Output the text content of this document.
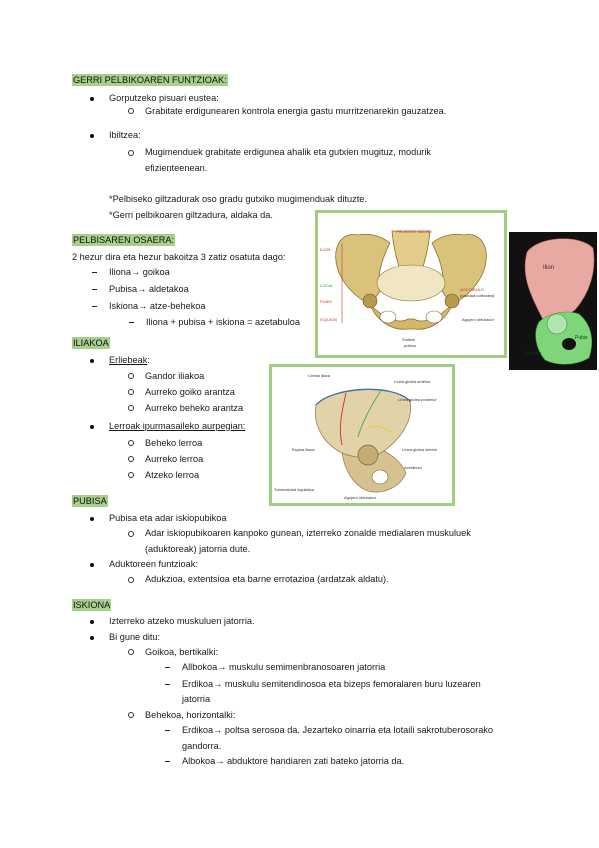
GERRI PELBIKOAREN FUNTZIOAK:
Gorputzeko pisuari eustea:
Grabitate erdigunearen kontrola energia gastu murritzenarekin gauzatzea.
Ibiltzea:
Mugimenduek grabitate erdigunea ahalik eta gutxien mugituz, modurik
efizienteenean.
*Pelbiseko giltzadurak oso gradu gutxiko mugimenduak dituzte.
*Gerri pelbikoaren giltzadura, aldaka da.
PELBISAREN OSAERA:
2 hezur dira eta hezur bakoitza 3 zatiz osatuta dago:
Iliona→ goikoa
Pubisa→ aldetakoa
Iskiona→ atze-behekoa
Iliona + pubisa + iskiona = azetabuloa
ILIAKOA
Erliebeak:
Gandor iliakoa
Aurreko goiko arantza
Aurreko beheko arantza
Lerroak ipurmasaileko aurpegian:
Beheko lerroa
Aurreko lerroa
Atzeko lerroa
PUBISA
Pubisa eta adar iskiopubikoa
Adar iskiopubikoaren kanpoko gunean, izterreko zonalde medialaren muskuluek
(aduktoreak) jatorria dute.
Aduktoreen funtzioak:
Adukzioa, extentsioa eta barne errotazioa (ardatzak aldatu).
ISKIONA
Izterreko atzeko muskuluen jatorria.
Bi gune ditu:
Goikoa, bertikalki:
Allbokoa→ muskulu semimenbranosoaren jatorria
Erdikoa→ muskulu semitendinosoa eta bizeps femoralaren buru luzearen
jatorria
Behekoa, horizontalki:
Erdikoa→ poltsa serosoa da. Jezarteko oinarria eta lotaili sakrotuberosorako
gandorra.
Albokoa→ abduktore handiaren zati bateko jatorria da.
PROMONT SACRO
ILION
LOCAL
PUBIS
ISQUION
ACETABULO
(cavidad cotiloidea)
Agujero obturador
Sínfisis
púbica
Ilion
Pubis
Isquion
Cresta iliaca
Línea glútea anterior
Línea glútea posterior
Espina iliaca	Línea glútea inferior
Acetábulo
Tuberosidad isquiática
Agujero obturador
